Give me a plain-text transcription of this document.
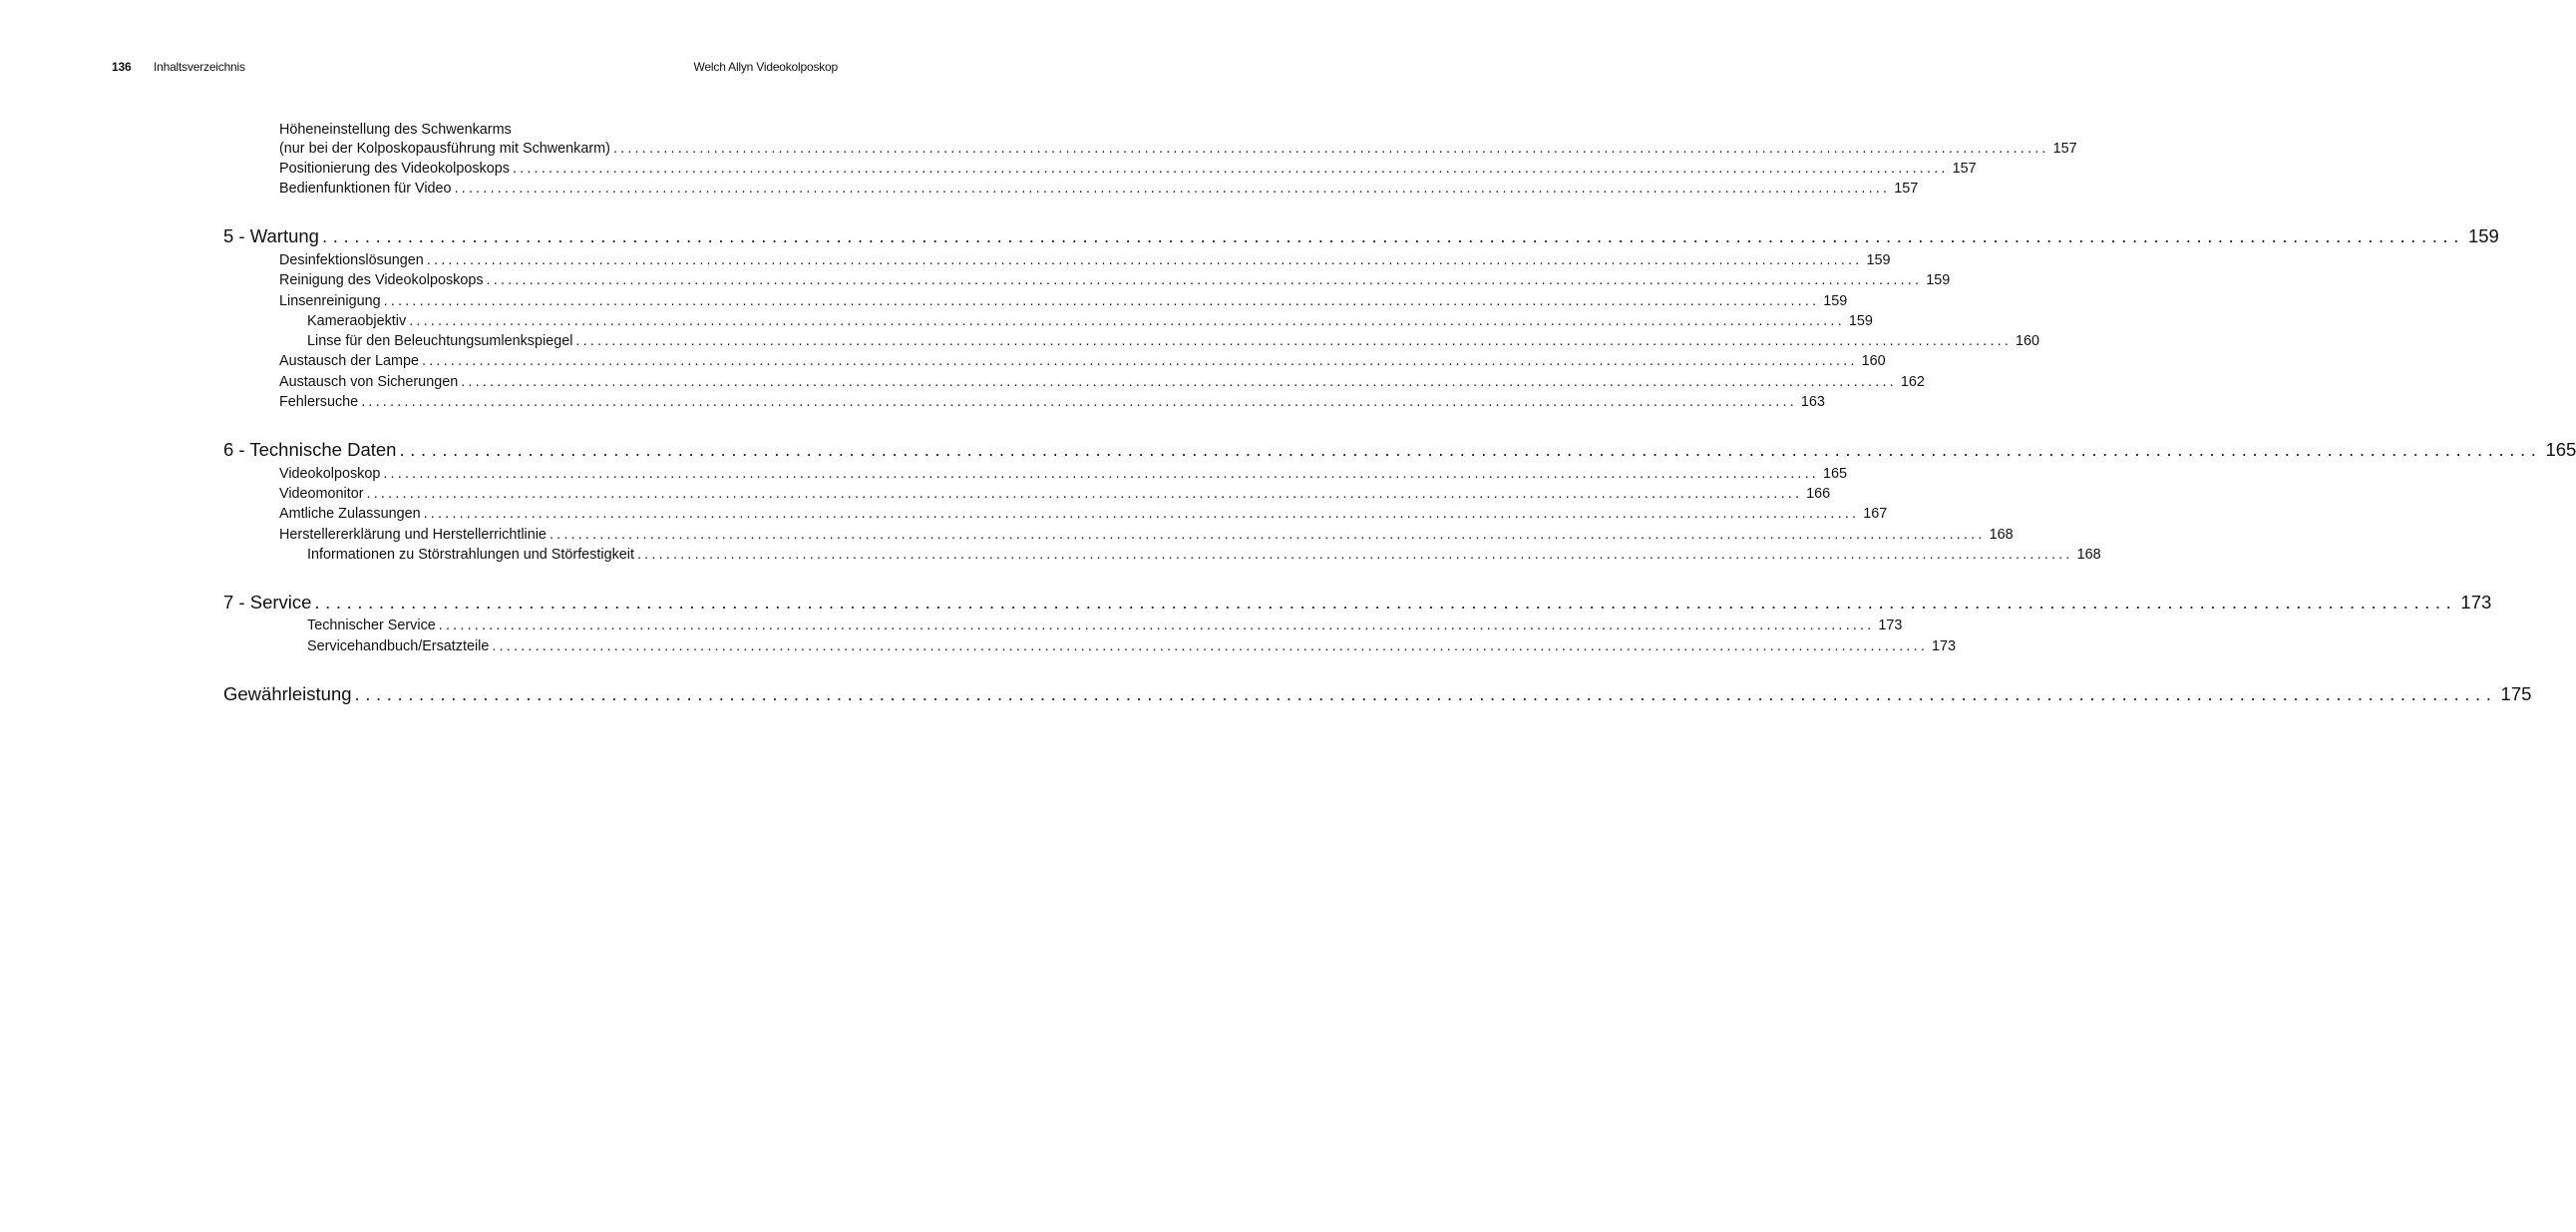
136 Inhaltsverzeichnis	Welch Allyn Videokolposkop
Höheneinstellung des Schwenkarms
(nur bei der Kolposkopausführung mit Schwenkarm) ........................................................................................................................................................................................................ 157
Positionierung des Videokolposkops ........................................................................................................................................................................................................ 157
Bedienfunktionen für Video ........................................................................................................................................................................................................ 157
5 - Wartung ........................................................................................................................................................................................................ 159
Desinfektionslösungen ........................................................................................................................................................................................................ 159
Reinigung des Videokolposkops ........................................................................................................................................................................................................ 159
Linsenreinigung ........................................................................................................................................................................................................ 159
Kameraobjektiv ........................................................................................................................................................................................................ 159
Linse für den Beleuchtungsumlenkspiegel ........................................................................................................................................................................................................ 160
Austausch der Lampe ........................................................................................................................................................................................................ 160
Austausch von Sicherungen ........................................................................................................................................................................................................ 162
Fehlersuche ........................................................................................................................................................................................................ 163
6 - Technische Daten ........................................................................................................................................................................................................ 165
Videokolposkop ........................................................................................................................................................................................................ 165
Videomonitor ........................................................................................................................................................................................................ 166
Amtliche Zulassungen ........................................................................................................................................................................................................ 167
Herstellererklärung und Herstellerrichtlinie ........................................................................................................................................................................................................ 168
Informationen zu Störstrahlungen und Störfestigkeit ........................................................................................................................................................................................................ 168
7 - Service ........................................................................................................................................................................................................ 173
Technischer Service ........................................................................................................................................................................................................ 173
Servicehandbuch/Ersatzteile ........................................................................................................................................................................................................ 173
Gewährleistung ........................................................................................................................................................................................................ 175
